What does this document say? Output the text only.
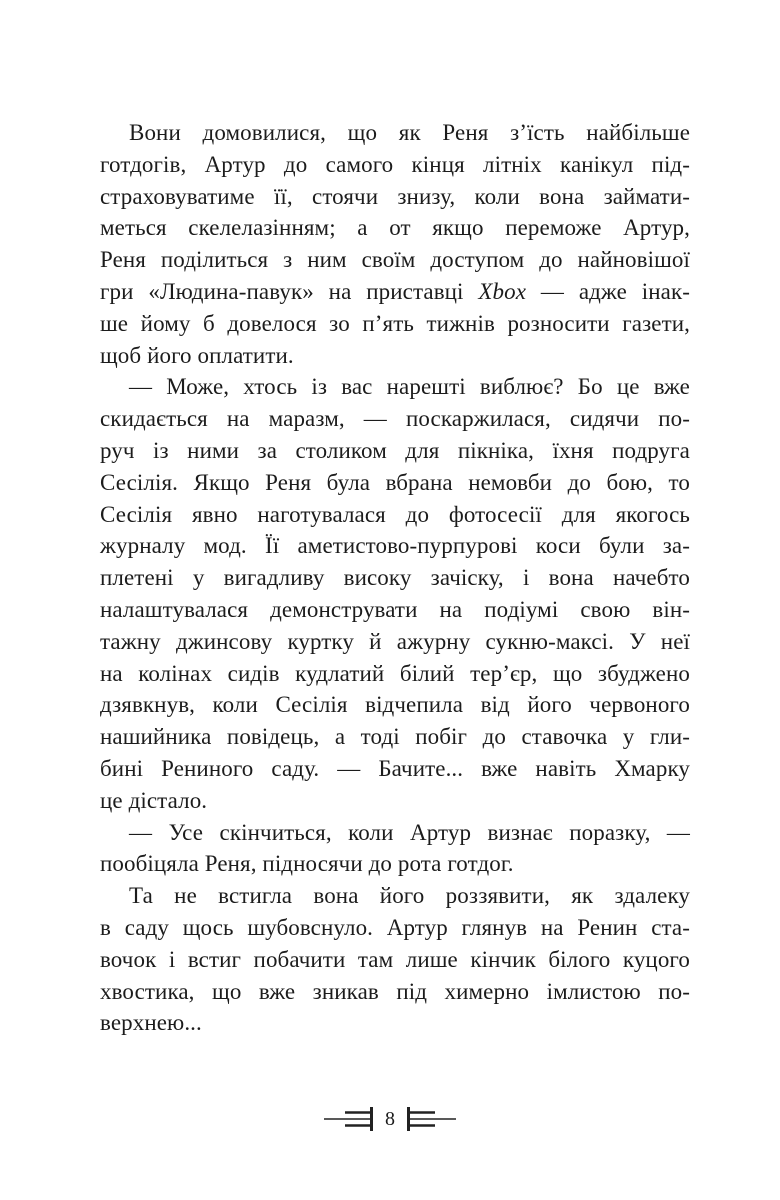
Вони домовилися, що як Реня з’їсть найбільше
готдогів, Артур до самого кінця літніх канікул під-
страховуватиме її, стоячи знизу, коли вона займати-
меться скелелазінням; а от якщо переможе Артур,
Реня поділиться з ним своїм доступом до найновішої
гри «Людина-павук» на приставці Xbox — адже інак-
ше йому б довелося зо п’ять тижнів розносити газети,
щоб його оплатити.
— Може, хтось із вас нарешті виблює? Бо це вже
скидається на маразм, — поскаржилася, сидячи по-
руч із ними за столиком для пікніка, їхня подруга
Сесілія. Якщо Реня була вбрана немовби до бою, то
Сесілія явно наготувалася до фотосесії для якогось
журналу мод. Її аметистово-пурпурові коси були за-
плетені у вигадливу високу зачіску, і вона начебто
налаштувалася демонструвати на подіумі свою він-
тажну джинсову куртку й ажурну сукню-максі. У неї
на колінах сидів кудлатий білий тер’єр, що збуджено
дзявкнув, коли Сесілія відчепила від його червоного
нашийника повідець, а тоді побіг до ставочка у гли-
бині Рениного саду. — Бачите... вже навіть Хмарку
це дістало.
— Усе скінчиться, коли Артур визнає поразку, —
пообіцяла Реня, підносячи до рота готдог.
Та не встигла вона його роззявити, як здалеку
в саду щось шубовснуло. Артур глянув на Ренин ста-
вочок і встиг побачити там лише кінчик білого куцого
хвостика, що вже зникав під химерно імлистою по-
верхнею...
8
